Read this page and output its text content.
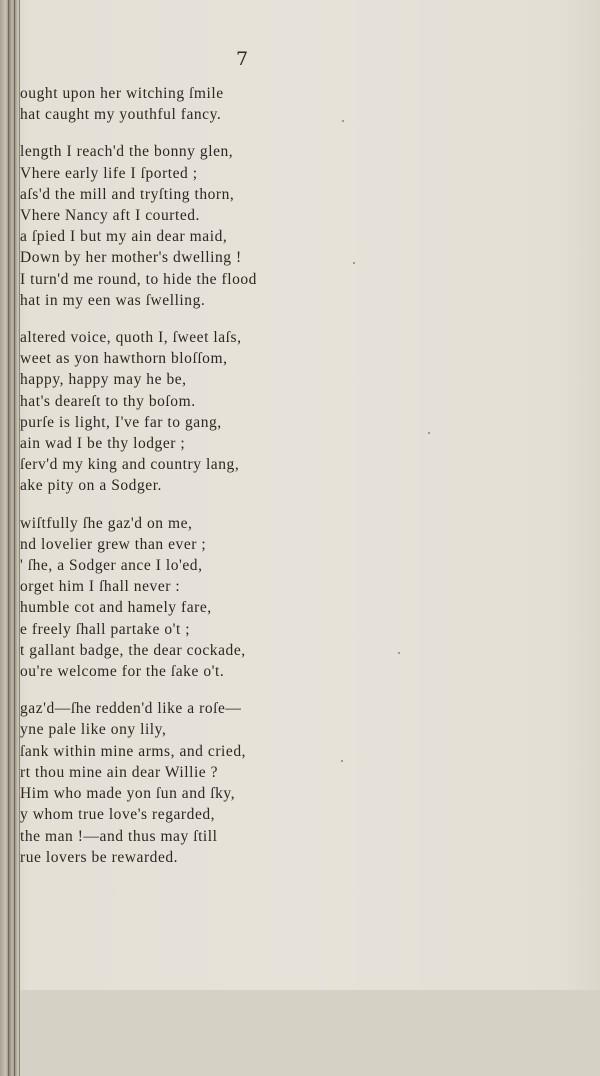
7
ought upon her witching ſmile
hat caught my youthful fancy.
length I reach'd the bonny glen,
Vhere early life I ſported ;
aſs'd the mill and tryſting thorn,
Vhere Nancy aft I courted.
a ſpied I but my ain dear maid,
Down by her mother's dwelling !
I turn'd me round, to hide the flood
hat in my een was ſwelling.
altered voice, quoth I, ſweet laſs,
weet as yon hawthorn bloſſom,
happy, happy may he be,
hat's deareſt to thy boſom.
purſe is light, I've far to gang,
ain wad I be thy lodger ;
ſerv'd my king and country lang,
ake pity on a Sodger.
wiſtfully ſhe gaz'd on me,
nd lovelier grew than ever ;
' ſhe, a Sodger ance I lo'ed,
orget him I ſhall never :
humble cot and hamely fare,
e freely ſhall partake o't ;
t gallant badge, the dear cockade,
ou're welcome for the ſake o't.
gaz'd—ſhe redden'd like a roſe—
yne pale like ony lily,
ſank within mine arms, and cried,
rt thou mine ain dear Willie ?
Him who made yon ſun and ſky,
y whom true love's regarded,
the man !—and thus may ſtill
rue lovers be rewarded.
